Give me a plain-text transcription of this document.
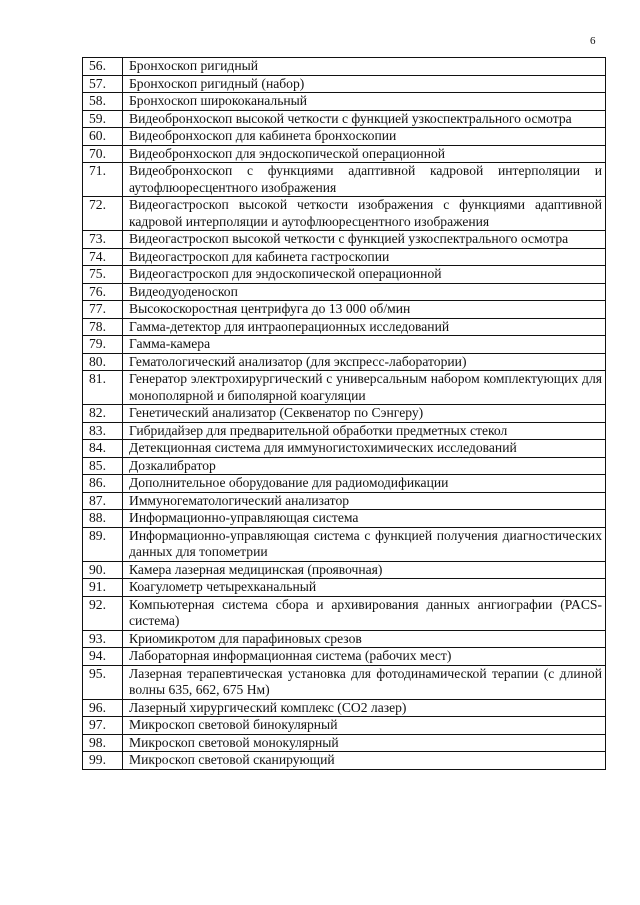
6
56.	Бронхоскоп ригидный
57.	Бронхоскоп ригидный (набор)
58.	Бронхоскоп ширококанальный
59.	Видеобронхоскоп высокой четкости с функцией узкоспектрального осмотра
60.	Видеобронхоскоп для кабинета бронхоскопии
70.	Видеобронхоскоп для эндоскопической операционной
71.	Видеобронхоскоп с функциями адаптивной кадровой интерполяции и аутофлюоресцентного изображения
72.	Видеогастроскоп высокой четкости изображения с функциями адаптивной кадровой интерполяции и аутофлюоресцентного изображения
73.	Видеогастроскоп высокой четкости с функцией узкоспектрального осмотра
74.	Видеогастроскоп для кабинета гастроскопии
75.	Видеогастроскоп для эндоскопической операционной
76.	Видеодуоденоскоп
77.	Высокоскоростная центрифуга до 13 000 об/мин
78.	Гамма-детектор для интраоперационных исследований
79.	Гамма-камера
80.	Гематологический анализатор (для экспресс-лаборатории)
81.	Генератор электрохирургический с универсальным набором комплектующих для монополярной и биполярной коагуляции
82.	Генетический анализатор (Секвенатор по Сэнгеру)
83.	Гибридайзер для предварительной обработки предметных стекол
84.	Детекционная система для иммуногистохимических исследований
85.	Дозкалибратор
86.	Дополнительное оборудование для радиомодификации
87.	Иммуногематологический анализатор
88.	Информационно-управляющая система
89.	Информационно-управляющая система с функцией получения диагностических данных для топометрии
90.	Камера лазерная медицинская (проявочная)
91.	Коагулометр четырехканальный
92.	Компьютерная система сбора и архивирования данных ангиографии (PACS-система)
93.	Криомикротом для парафиновых срезов
94.	Лабораторная информационная система (рабочих мест)
95.	Лазерная терапевтическая установка для фотодинамической терапии (с длиной волны 635, 662, 675 Нм)
96.	Лазерный хирургический комплекс (СО2 лазер)
97.	Микроскоп световой бинокулярный
98.	Микроскоп световой монокулярный
99.	Микроскоп световой сканирующий
